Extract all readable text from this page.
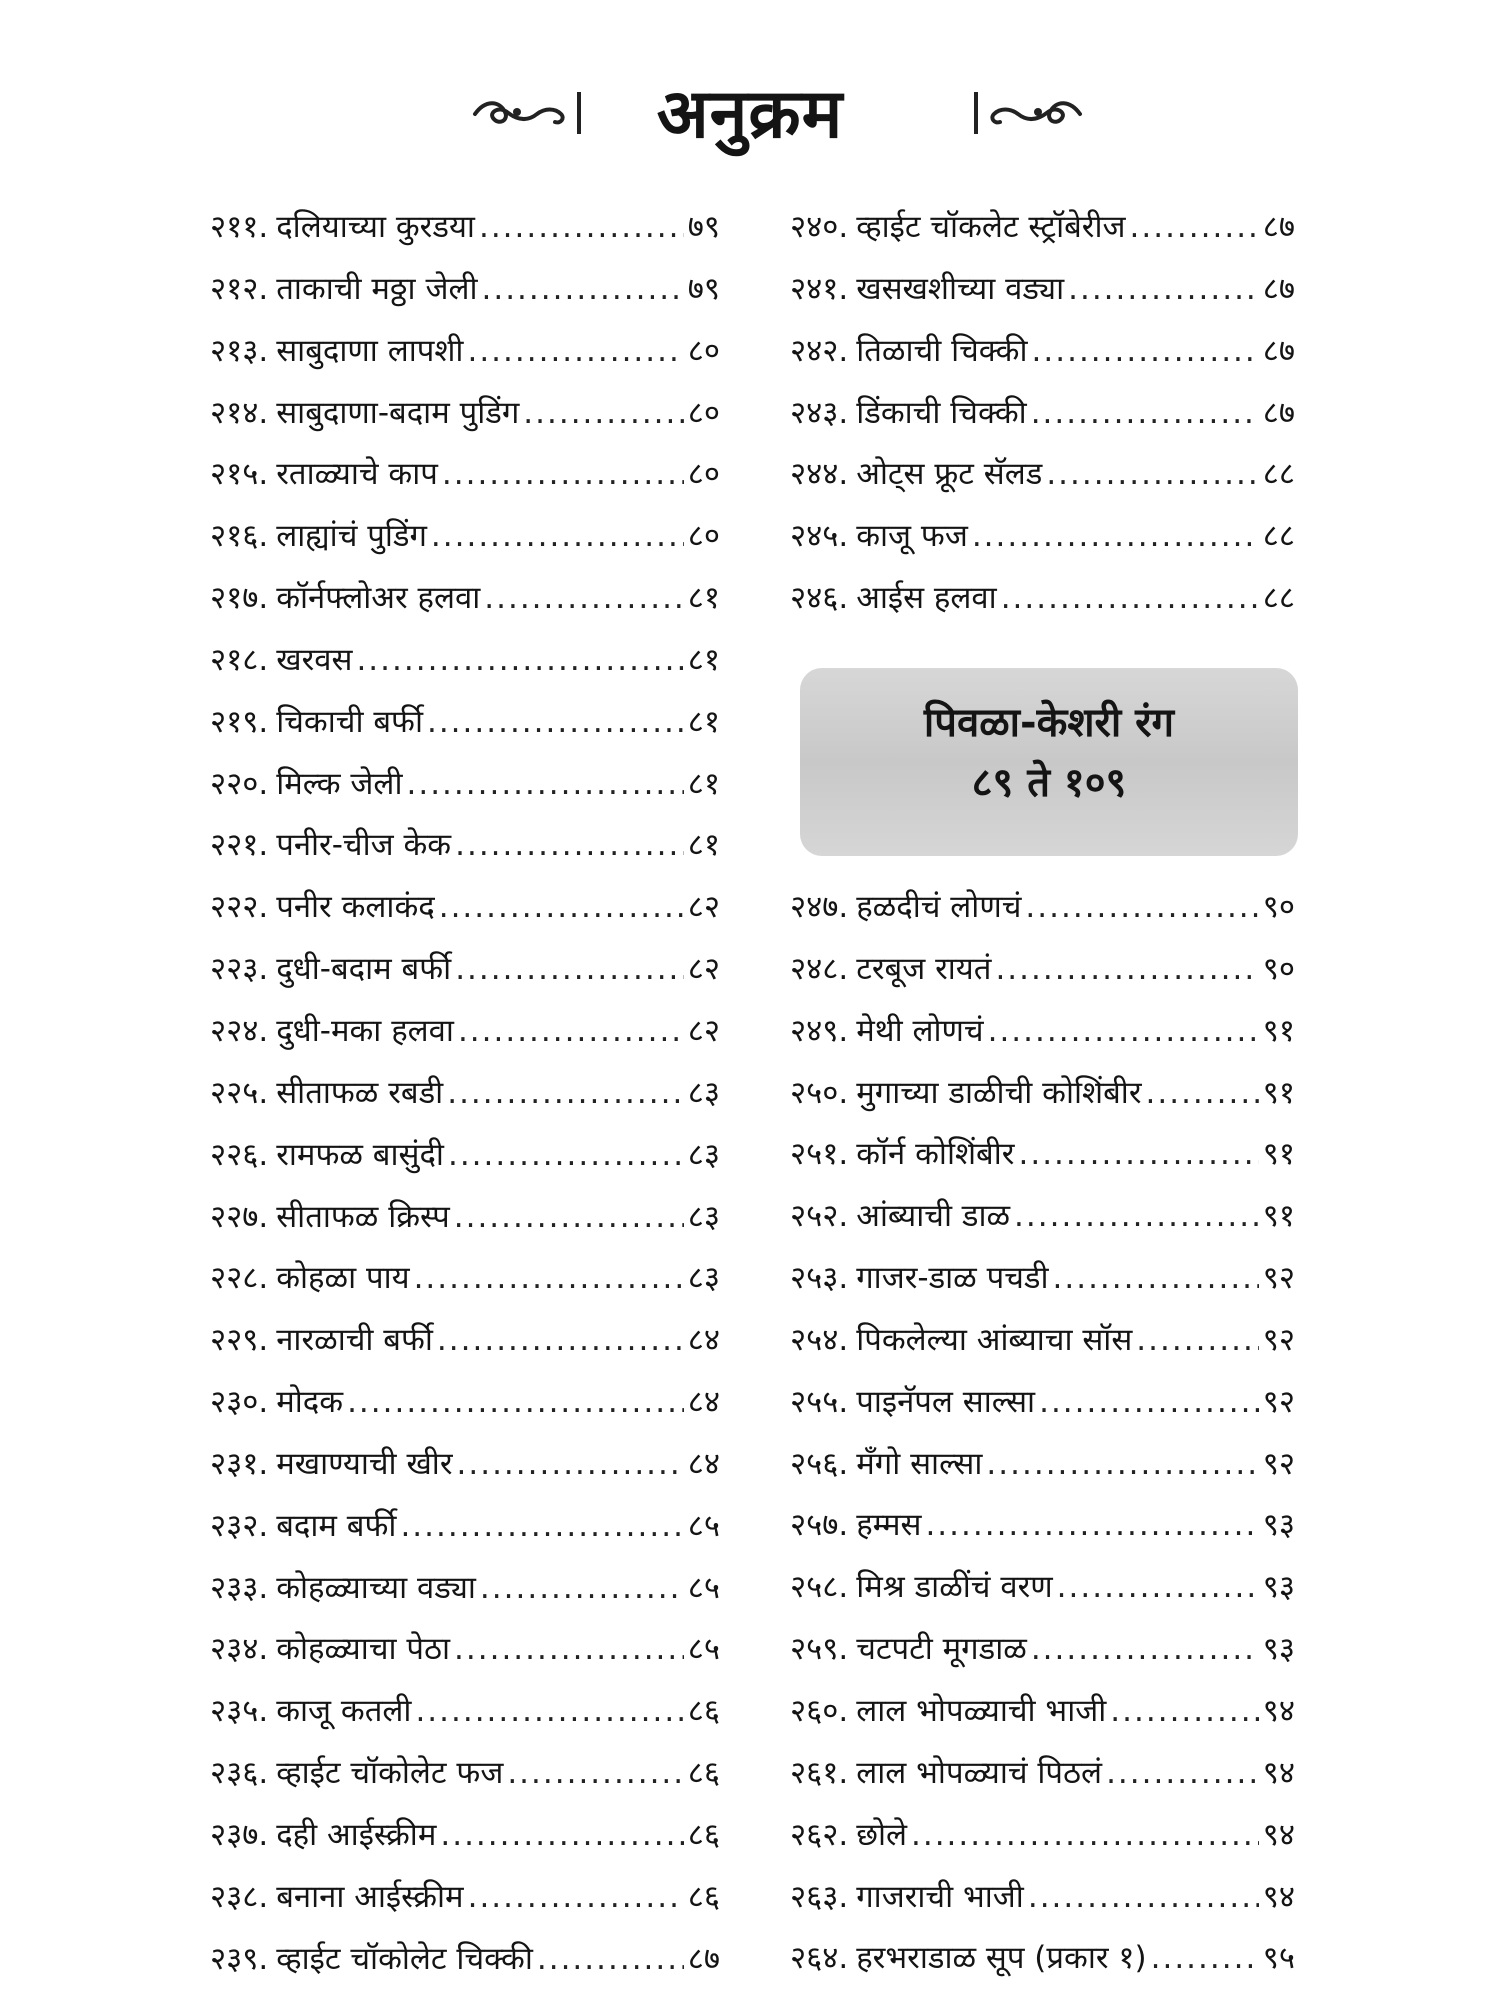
अनुक्रम
२११. दलियाच्या कुरडया .....	७९
२१२. ताकाची मठ्ठा जेली .....	७९
२१३. साबुदाणा लापशी .....	८०
२१४. साबुदाणा-बदाम पुडिंग .....	८०
२१५. रताळ्याचे काप .....	८०
२१६. लाह्यांचं पुडिंग .....	८०
२१७. कॉर्नफ्लोअर हलवा .....	८१
२१८. खरवस .....	८१
२१९. चिकाची बर्फी .....	८१
२२०. मिल्क जेली .....	८१
२२१. पनीर-चीज केक .....	८१
२२२. पनीर कलाकंद .....	८२
२२३. दुधी-बदाम बर्फी .....	८२
२२४. दुधी-मका हलवा .....	८२
२२५. सीताफळ रबडी .....	८३
२२६. रामफळ बासुंदी .....	८३
२२७. सीताफळ क्रिस्प .....	८३
२२८. कोहळा पाय .....	८३
२२९. नारळाची बर्फी .....	८४
२३०. मोदक .....	८४
२३१. मखाण्याची खीर .....	८४
२३२. बदाम बर्फी .....	८५
२३३. कोहळ्याच्या वड्या .....	८५
२३४. कोहळ्याचा पेठा .....	८५
२३५. काजू कतली .....	८६
२३६. व्हाईट चॉकोलेट फज .....	८६
२३७. दही आईस्क्रीम .....	८६
२३८. बनाना आईस्क्रीम .....	८६
२३९. व्हाईट चॉकोलेट चिक्की .....	८७
२४०. व्हाईट चॉकलेट स्ट्रॉबेरीज .....	८७
२४१. खसखशीच्या वड्या .....	८७
२४२. तिळाची चिक्की .....	८७
२४३. डिंकाची चिक्की .....	८७
२४४. ओट्स फ्रूट सॅलड .....	८८
२४५. काजू फज .....	८८
२४६. आईस हलवा .....	८८
पिवळा-केशरी रंग
८९ ते १०९
२४७. हळदीचं लोणचं .....	९०
२४८. टरबूज रायतं .....	९०
२४९. मेथी लोणचं .....	९१
२५०. मुगाच्या डाळीची कोशिंबीर .....	९१
२५१. कॉर्न कोशिंबीर .....	९१
२५२. आंब्याची डाळ .....	९१
२५३. गाजर-डाळ पचडी .....	९२
२५४. पिकलेल्या आंब्याचा सॉस .....	९२
२५५. पाइनॅपल साल्सा .....	९२
२५६. मँगो साल्सा .....	९२
२५७. हम्मस .....	९३
२५८. मिश्र डाळींचं वरण .....	९३
२५९. चटपटी मूगडाळ .....	९३
२६०. लाल भोपळ्याची भाजी .....	९४
२६१. लाल भोपळ्याचं पिठलं .....	९४
२६२. छोले .....	९४
२६३. गाजराची भाजी .....	९४
२६४. हरभराडाळ सूप (प्रकार १) .....	९५
